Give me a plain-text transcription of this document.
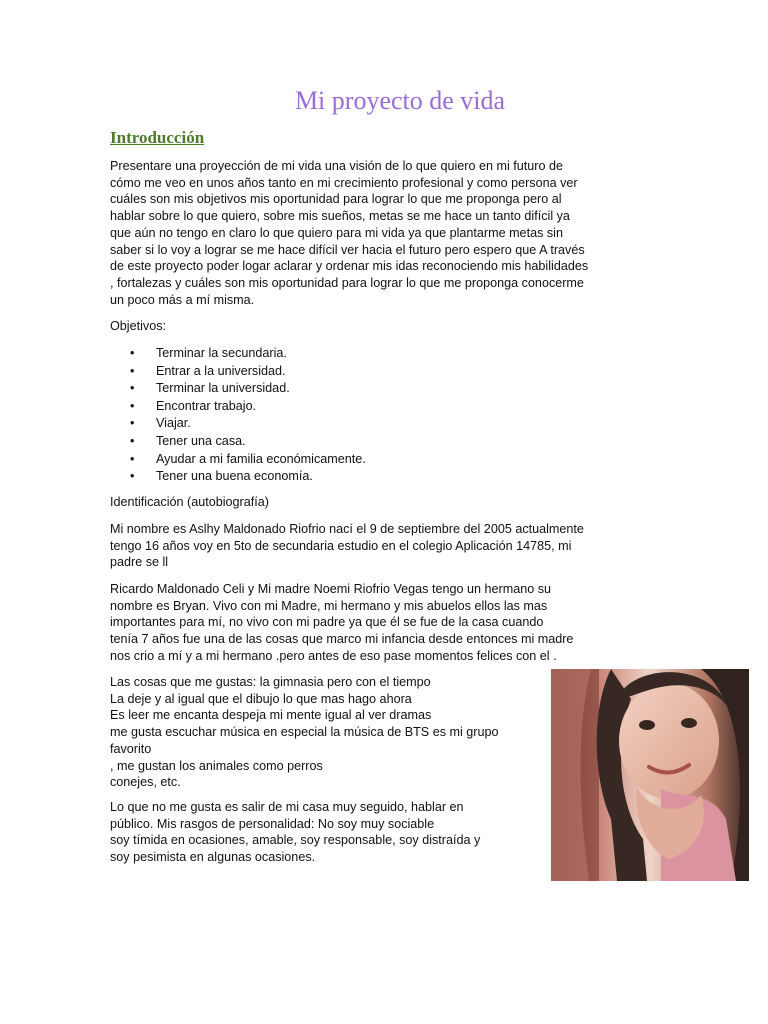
Mi proyecto de vida
Introducción

Presentare una proyección de mi vida una visión de lo que quiero en mi futuro de
cómo me veo en unos años tanto en mi crecimiento profesional y como persona ver
cuáles son mis objetivos mis oportunidad para lograr lo que me proponga pero al
hablar sobre lo que quiero, sobre mis sueños, metas se me hace un tanto difícil ya
que aún no tengo en claro lo que quiero para mi vida ya que plantarme metas sin
saber si lo voy a lograr se me hace difícil ver hacia el futuro pero espero que A través
de este proyecto poder logar aclarar y ordenar mis idas reconociendo mis habilidades
, fortalezas y cuáles son mis oportunidad para lograr lo que me proponga conocerme
un poco más a mí misma.

Objetivos:

• Terminar la secundaria.
• Entrar a la universidad.
• Terminar la universidad.
• Encontrar trabajo.
• Viajar.
• Tener una casa.
• Ayudar a mi familia económicamente.
• Tener una buena economía.

Identificación (autobiografía)

Mi nombre es Aslhy Maldonado Riofrio nací el 9 de septiembre del 2005 actualmente
tengo 16 años voy en 5to de secundaria estudio en el colegio Aplicación 14785, mi
padre se ll

Ricardo Maldonado Celi y Mi madre Noemi Riofrio Vegas tengo un hermano su
nombre es Bryan. Vivo con mi Madre, mi hermano y mis abuelos ellos las mas
importantes para mí, no vivo con mi padre ya que él se fue de la casa cuando
tenía 7 años fue una de las cosas que marco mi infancia desde entonces mi madre
nos crio a mí y a mi hermano .pero antes de eso pase momentos felices con el .

Las cosas que me gustas: la gimnasia pero con el tiempo
La deje y al igual que el dibujo lo que mas hago ahora
Es leer me encanta despeja mi mente igual al ver dramas
me gusta escuchar música en especial la música de BTS es mi grupo
favorito
, me gustan los animales como perros
conejes, etc.

Lo que no me gusta es salir de mi casa muy seguido, hablar en
público. Mis rasgos de personalidad: No soy muy sociable
soy tímida en ocasiones, amable, soy responsable, soy distraída y
soy pesimista en algunas ocasiones.
